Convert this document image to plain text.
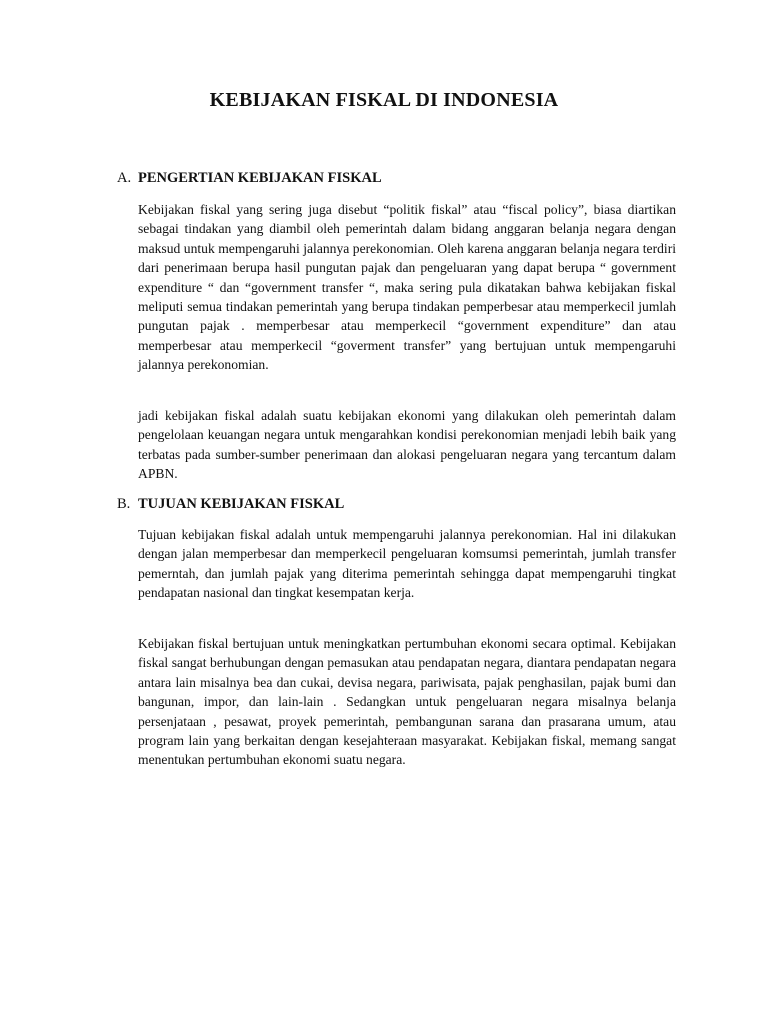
KEBIJAKAN FISKAL DI INDONESIA
A. PENGERTIAN KEBIJAKAN FISKAL

Kebijakan fiskal yang sering juga disebut “politik fiskal” atau “fiscal policy”, biasa diartikan sebagai tindakan yang diambil oleh pemerintah dalam bidang anggaran belanja negara dengan maksud untuk mempengaruhi jalannya perekonomian. Oleh karena anggaran belanja negara terdiri dari penerimaan berupa hasil pungutan pajak dan pengeluaran yang dapat berupa “ government expenditure “ dan “government transfer “, maka sering pula dikatakan bahwa kebijakan fiskal meliputi semua tindakan pemerintah yang berupa tindakan pemperbesar atau memperkecil jumlah pungutan pajak . memperbesar atau memperkecil “government expenditure” dan atau memperbesar atau memperkecil “goverment transfer” yang bertujuan untuk mempengaruhi jalannya perekonomian.

jadi kebijakan fiskal adalah suatu kebijakan ekonomi yang dilakukan oleh pemerintah dalam pengelolaan keuangan negara untuk mengarahkan kondisi perekonomian menjadi lebih baik yang terbatas pada sumber-sumber penerimaan dan alokasi pengeluaran negara yang tercantum dalam APBN.

B. TUJUAN KEBIJAKAN FISKAL

Tujuan kebijakan fiskal adalah untuk mempengaruhi jalannya perekonomian. Hal ini dilakukan dengan jalan memperbesar dan memperkecil pengeluaran komsumsi pemerintah, jumlah transfer pemerntah, dan jumlah pajak yang diterima pemerintah sehingga dapat mempengaruhi tingkat pendapatan nasional dan tingkat kesempatan kerja.

Kebijakan fiskal bertujuan untuk meningkatkan pertumbuhan ekonomi secara optimal. Kebijakan fiskal sangat berhubungan dengan pemasukan atau pendapatan negara, diantara pendapatan negara antara lain misalnya bea dan cukai, devisa negara, pariwisata, pajak penghasilan, pajak bumi dan bangunan, impor, dan lain-lain . Sedangkan untuk pengeluaran negara misalnya belanja persenjataan , pesawat, proyek pemerintah, pembangunan sarana dan prasarana umum, atau program lain yang berkaitan dengan kesejahteraan masyarakat. Kebijakan fiskal, memang sangat menentukan pertumbuhan ekonomi suatu negara.
